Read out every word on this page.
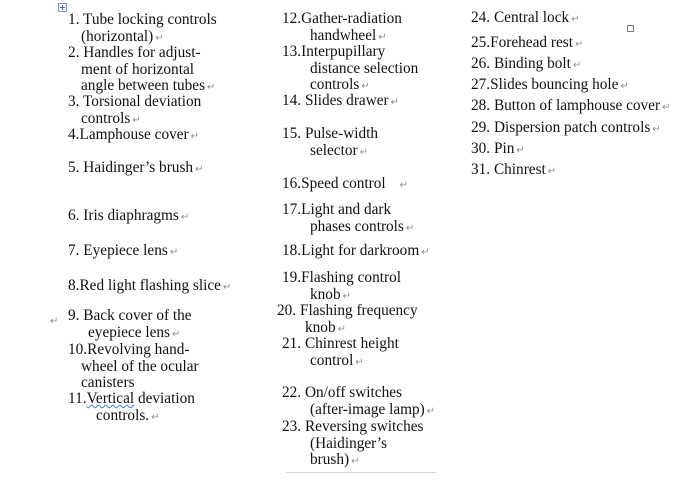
↵
1. Tube locking controls
(horizontal) ↵
2. Handles for adjust-
ment of horizontal
angle between tubes ↵
3. Torsional deviation
controls ↵
4.Lamphouse cover ↵
5. Haidinger’s brush ↵
6. Iris diaphragms ↵
7. Eyepiece lens ↵
8.Red light flashing slice ↵
9. Back cover of the
eyepiece lens ↵
10.Revolving hand-
wheel of the ocular
canisters
11.Vertical deviation
controls. ↵
12.Gather-radiation
handwheel ↵
13.Interpupillary
distance selection
controls ↵
14. Slides drawer ↵
15. Pulse-width
selector ↵
16.Speed control ↵
17.Light and dark
phases controls ↵
18.Light for darkroom ↵
19.Flashing control
knob ↵
20. Flashing frequency
knob ↵
21. Chinrest height
control ↵
22. On/off switches
(after-image lamp) ↵
23. Reversing switches
(Haidinger’s
brush) ↵
24. Central lock ↵
25.Forehead rest ↵
26. Binding bolt ↵
27.Slides bouncing hole ↵
28. Button of lamphouse cover ↵
29. Dispersion patch controls ↵
30. Pin ↵
31. Chinrest ↵
